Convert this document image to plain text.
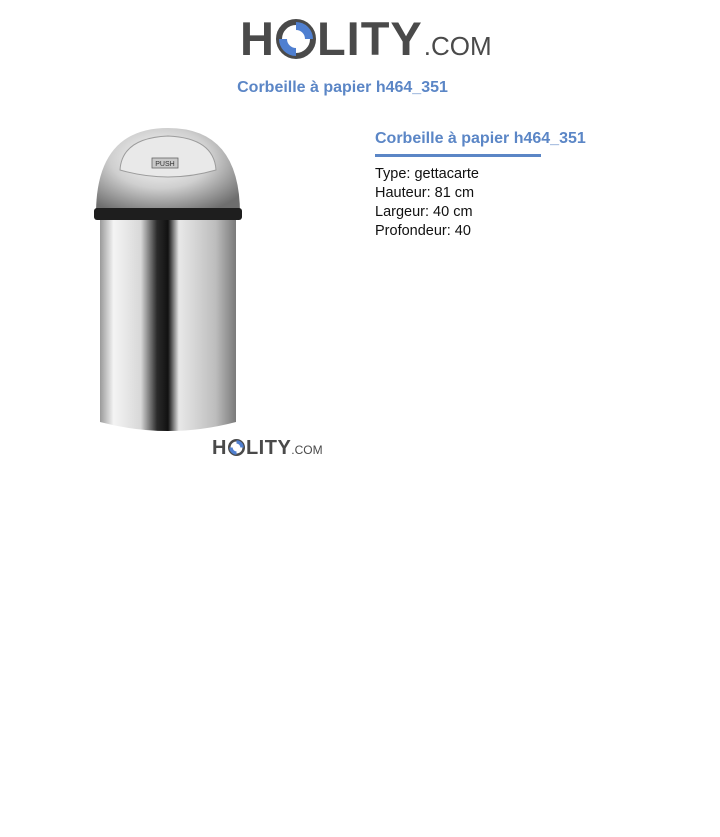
H LITY .COM
Corbeille à papier h464_351
PUSH
H LITY .COM
Corbeille à papier h464_351
Type: gettacarte
Hauteur: 81 cm
Largeur: 40 cm
Profondeur: 40
